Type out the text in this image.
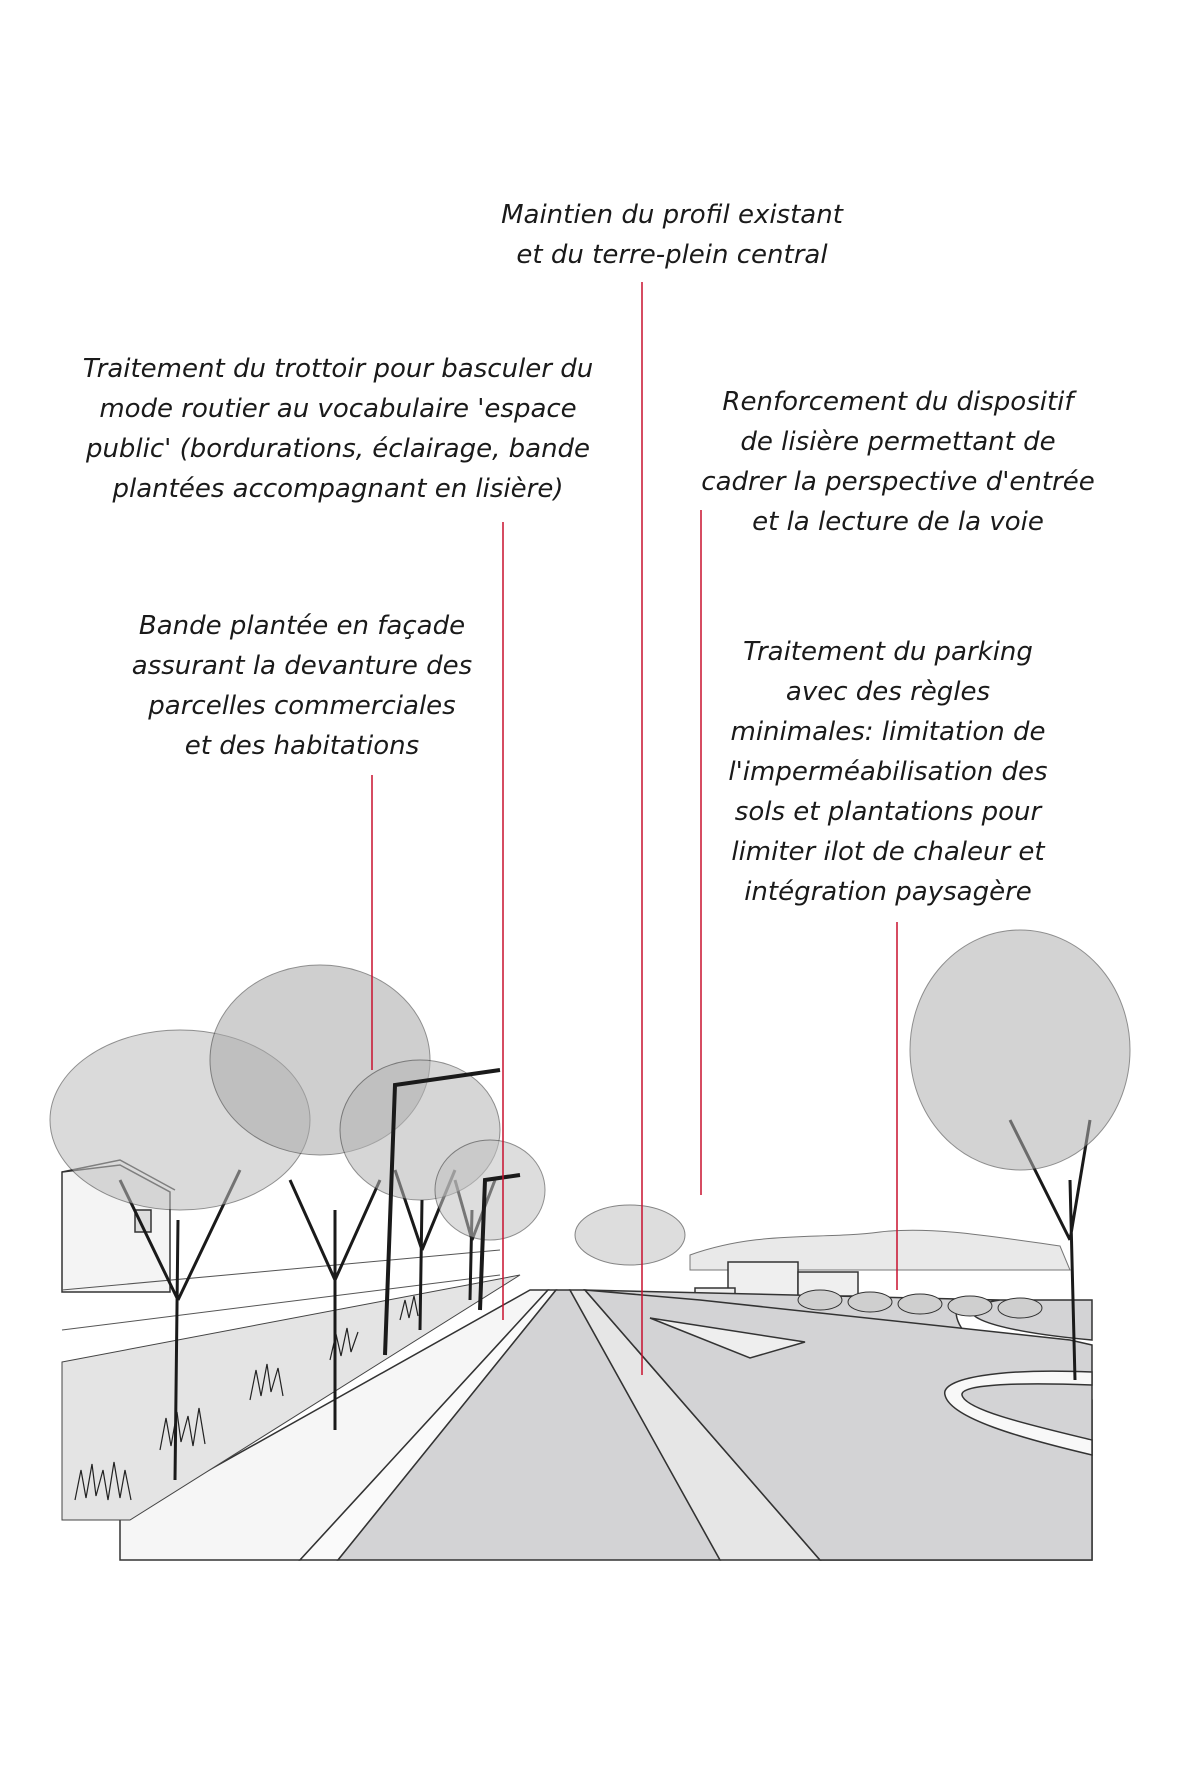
Maintien du profil existant
et du terre-plein central
Traitement du trottoir pour basculer du
mode routier au vocabulaire 'espace
public' (bordurations, éclairage, bande
plantées accompagnant en lisière)
Renforcement du dispositif
de lisière permettant de
cadrer la perspective d'entrée
et la lecture de la voie
Bande plantée en façade
assurant la devanture des
parcelles commerciales
et des habitations
Traitement du parking
avec des règles
minimales: limitation de
l'imperméabilisation des
sols et plantations pour
limiter ilot de chaleur et
intégration paysagère
